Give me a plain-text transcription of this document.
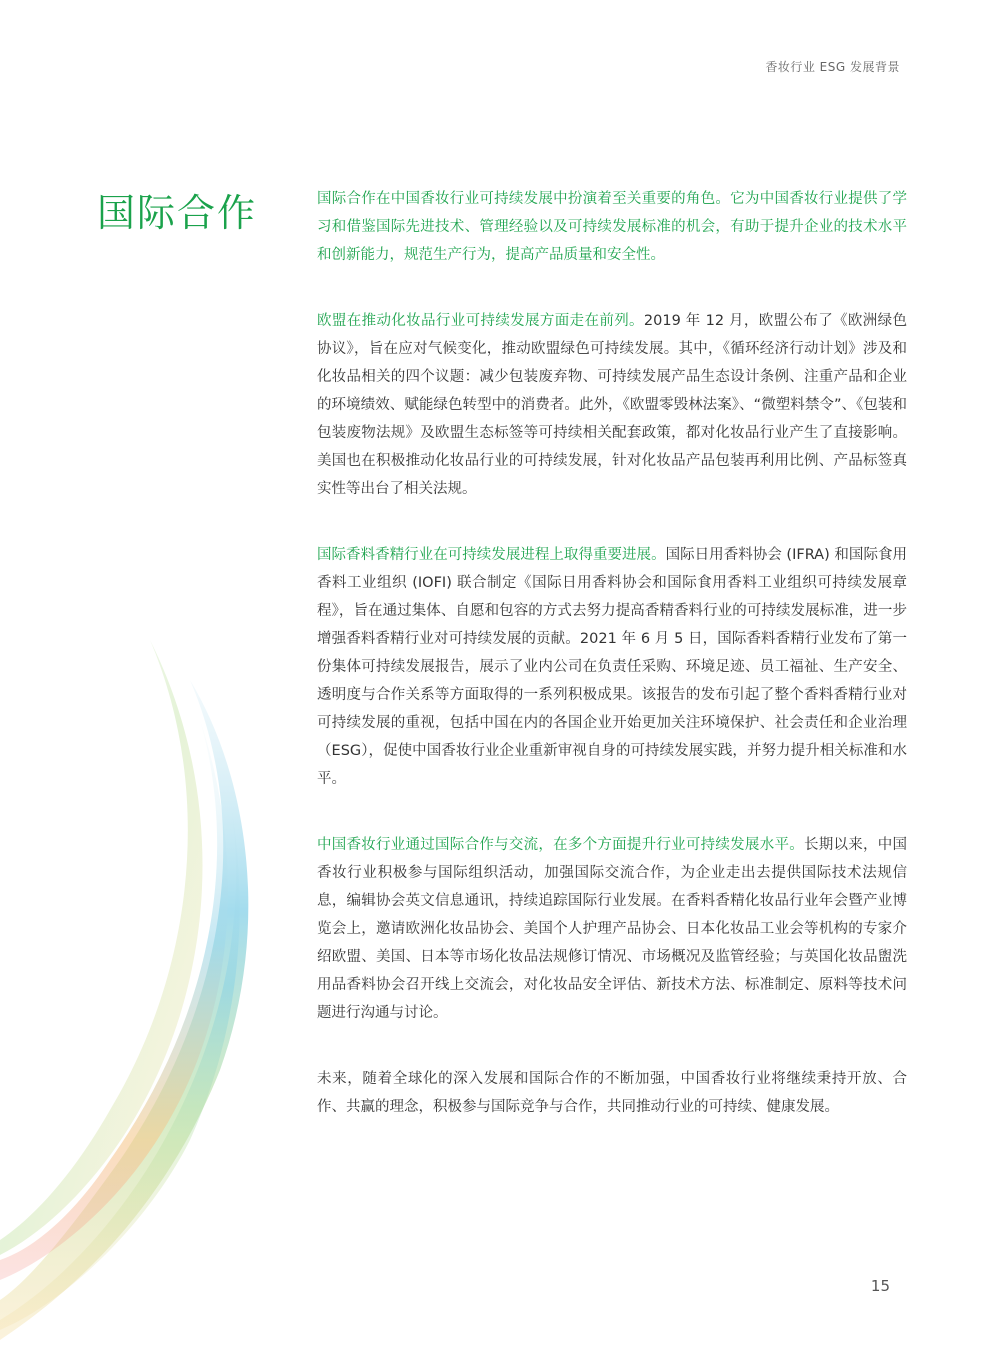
香妆行业 ESG 发展背景
国际合作	国际合作在中国香妆行业可持续发展中扮演着至关重要的角色。它为中国香妆行业提供了学习和借鉴国际先进技术、管理经验以及可持续发展标准的机会，有助于提升企业的技术水平和创新能力，规范生产行为，提高产品质量和安全性。

欧盟在推动化妆品行业可持续发展方面走在前列。2019 年 12 月，欧盟公布了《欧洲绿色协议》，旨在应对气候变化，推动欧盟绿色可持续发展。其中，《循环经济行动计划》涉及和化妆品相关的四个议题：减少包装废弃物、可持续发展产品生态设计条例、注重产品和企业的环境绩效、赋能绿色转型中的消费者。此外，《欧盟零毁林法案》、“微塑料禁令”、《包装和包装废物法规》及欧盟生态标签等可持续相关配套政策，都对化妆品行业产生了直接影响。美国也在积极推动化妆品行业的可持续发展，针对化妆品产品包装再利用比例、产品标签真实性等出台了相关法规。

国际香料香精行业在可持续发展进程上取得重要进展。国际日用香料协会 (IFRA) 和国际食用香料工业组织 (IOFI) 联合制定《国际日用香料协会和国际食用香料工业组织可持续发展章程》，旨在通过集体、自愿和包容的方式去努力提高香精香料行业的可持续发展标准，进一步增强香料香精行业对可持续发展的贡献。2021 年 6 月 5 日，国际香料香精行业发布了第一份集体可持续发展报告，展示了业内公司在负责任采购、环境足迹、员工福祉、生产安全、透明度与合作关系等方面取得的一系列积极成果。该报告的发布引起了整个香料香精行业对可持续发展的重视，包括中国在内的各国企业开始更加关注环境保护、社会责任和企业治理（ESG），促使中国香妆行业企业重新审视自身的可持续发展实践，并努力提升相关标准和水平。

中国香妆行业通过国际合作与交流，在多个方面提升行业可持续发展水平。长期以来，中国香妆行业积极参与国际组织活动，加强国际交流合作，为企业走出去提供国际技术法规信息，编辑协会英文信息通讯，持续追踪国际行业发展。在香料香精化妆品行业年会暨产业博览会上，邀请欧洲化妆品协会、美国个人护理产品协会、日本化妆品工业会等机构的专家介绍欧盟、美国、日本等市场化妆品法规修订情况、市场概况及监管经验；与英国化妆品盥洗用品香料协会召开线上交流会，对化妆品安全评估、新技术方法、标准制定、原料等技术问题进行沟通与讨论。

未来，随着全球化的深入发展和国际合作的不断加强，中国香妆行业将继续秉持开放、合作、共赢的理念，积极参与国际竞争与合作，共同推动行业的可持续、健康发展。

15
